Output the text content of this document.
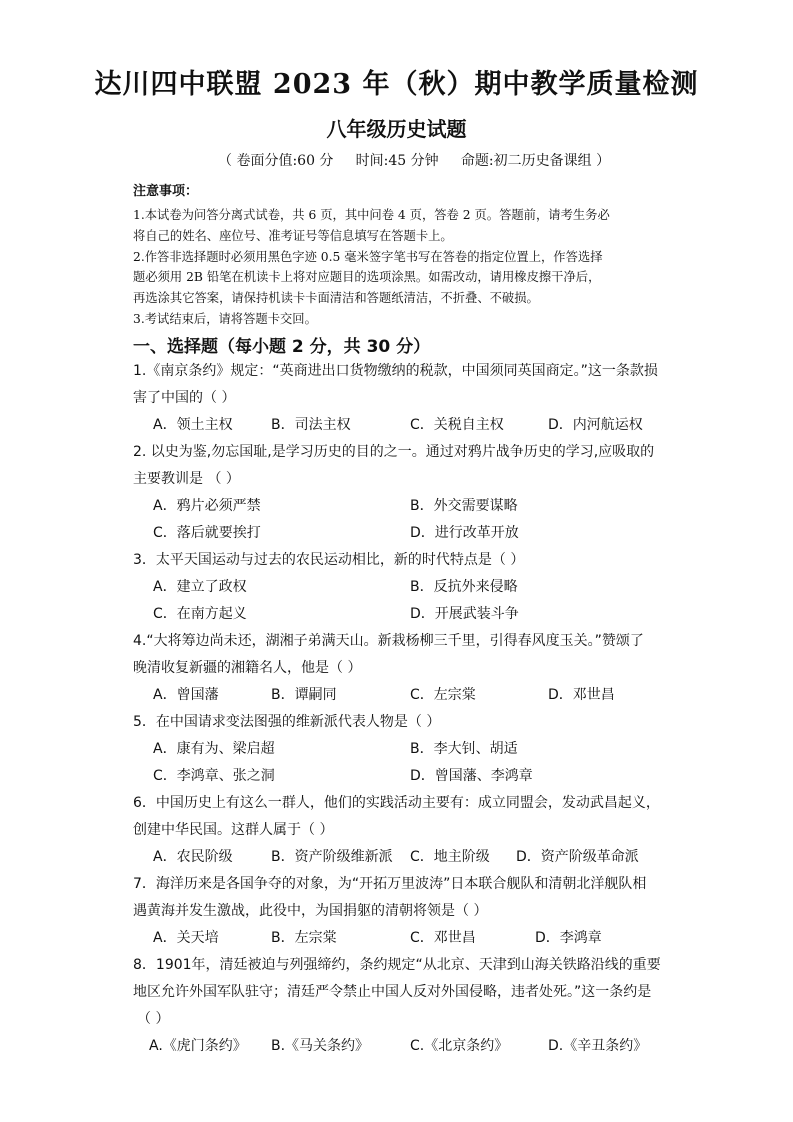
达川四中联盟 2023 年（秋）期中教学质量检测
八年级历史试题
（ 卷面分值:60 分     时间:45 分钟     命题:初二历史备课组 ）
注意事项：
1.本试卷为问答分离式试卷，共 6 页，其中问卷 4 页，答卷 2 页。答题前，请考生务必
将自己的姓名、座位号、准考证号等信息填写在答题卡上。
2.作答非选择题时必须用黑色字迹 0.5 毫米签字笔书写在答卷的指定位置上，作答选择
题必须用 2B 铅笔在机读卡上将对应题目的选项涂黑。如需改动，请用橡皮擦干净后，
再选涂其它答案，请保持机读卡卡面清洁和答题纸清洁，不折叠、不破损。
3.考试结束后，请将答题卡交回。
一、选择题（每小题 2 分，共 30 分）
1.《南京条约》规定：“英商进出口货物缴纳的税款，中国须同英国商定。”这一条款损
害了中国的（ ）
A．领土主权	B．司法主权	C．关税自主权	D．内河航运权
2. 以史为鉴,勿忘国耻,是学习历史的目的之一。通过对鸦片战争历史的学习,应吸取的
主要教训是 （ ）
A．鸦片必须严禁	B．外交需要谋略
C．落后就要挨打	D．进行改革开放
3．太平天国运动与过去的农民运动相比，新的时代特点是（ ）
A．建立了政权	B．反抗外来侵略
C．在南方起义	D．开展武装斗争
4.“大将筹边尚未还，湖湘子弟满天山。新栽杨柳三千里，引得春风度玉关。”赞颂了
晚清收复新疆的湘籍名人，他是（ ）
A．曾国藩	B．谭嗣同	C．左宗棠	D．邓世昌
5．在中国请求变法图强的维新派代表人物是（ ）
A．康有为、梁启超	B．李大钊、胡适
C．李鸿章、张之洞	D．曾国藩、李鸿章
6．中国历史上有这么一群人，他们的实践活动主要有：成立同盟会，发动武昌起义，
创建中华民国。这群人属于（ ）
A．农民阶级	B．资产阶级维新派 C．地主阶级 D．资产阶级革命派
7．海洋历来是各国争夺的对象，为“开拓万里波涛”日本联合舰队和清朝北洋舰队相
遇黄海并发生激战，此役中，为国捐躯的清朝将领是（ ）
A．关天培	B．左宗棠	C．邓世昌	D．李鸿章
8．1901年，清廷被迫与列强缔约，条约规定“从北京、天津到山海关铁路沿线的重要
地区允许外国军队驻守；清廷严令禁止中国人反对外国侵略，违者处死。”这一条约是
（ ）
A.《虎门条约》 B.《马关条约》	C.《北京条约》	D.《辛丑条约》
